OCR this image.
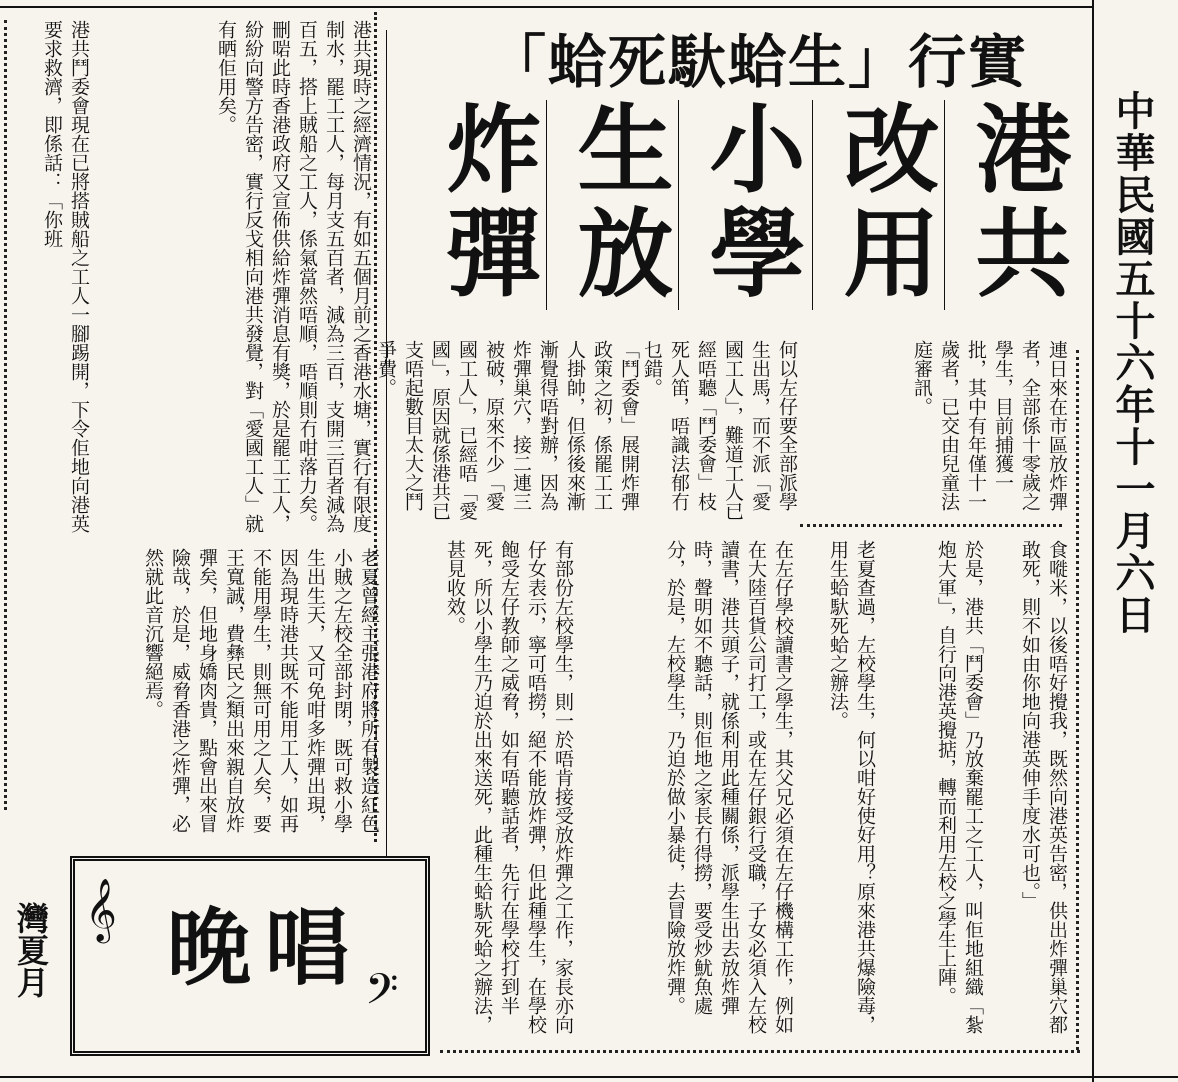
中華民國五十六年十一月六日
「蛤死馱蛤生」行實
港共
改用
小學
生放
炸彈
連日來在市區放炸彈者，全部係十零歲之學生，目前捕獲一批，其中有年僅十一歲者，已交由兒童法庭審訊。
何以左仔要全部派學生出馬，而不派「愛國工人」，難道工人已經唔聽「鬥委會」枝死人笛，唔識法郁冇乜錯。
「鬥委會」展開炸彈政策之初，係罷工工人掛帥，但係後來漸漸覺得唔對辦，因為炸彈巢穴，接二連三被破，原來不少「愛國工人」，已經唔「愛國」，原因就係港共已支唔起數目太大之鬥爭費。
食嘥米，以後唔好攪我，既然向港英告密，供出炸彈巢穴都敢死，則不如由你地向港英伸手度水可也。」
於是，港共「鬥委會」乃放棄罷工之工人，叫佢地組織「紮炮大軍」，自行向港英攪掂，轉而利用左校之學生上陣。
老夏查過，左校學生，何以咁好使好用？原來港共爆險毒，用生蛤馱死蛤之辦法。
在左仔學校讀書之學生，其父兄必須在左仔機構工作，例如在大陸百貨公司打工，或在左仔銀行受職，子女必須入左校讀書，港共頭子，就係利用此種關係，派學生出去放炸彈時，聲明如不聽話，則佢地之家長冇得撈，要受炒魷魚處分，於是，左校學生，乃迫於做小暴徒，去冒險放炸彈。
有部份左校學生，則一於唔肯接受放炸彈之工作，家長亦向仔女表示，寧可唔撈，絕不能放炸彈，但此種學生，在學校飽受左仔教師之威脅，如有唔聽話者，先行在學校打到半死，所以小學生乃迫於出來送死，此種生蛤馱死蛤之辦法，甚見收效。
港共現時之經濟情況，有如五個月前之香港水塘，實行有限度制水，罷工工人，每月支五百者，減為三百，支開三百者減為百五，搭上賊船之工人，係氣當然唔順，唔順則冇咁落力矣。刪啱此時香港政府又宣佈供給炸彈消息有獎，於是罷工工人，紛紛向警方告密，實行反戈相向港共發覺，對「愛國工人」就有晒佢用矣。
港共鬥委會現在已將搭賊船之工人一腳踢開，下令佢地向港英要求救濟，即係話：「你班
老夏曾經主張港府將所有製造紅色小賊之左校全部封閉，既可救小學生出生天，又可免咁多炸彈出現，因為現時港共既不能用工人，如再不能用學生，則無可用之人矣，要王寬誠，費彝民之類出來親自放炸彈矣，但地身嬌肉貴，點會出來冒險哉，於是，威脅香港之炸彈，必然就此音沉響絕焉。
𝄞 晚唱 𝄢
灣夏月
